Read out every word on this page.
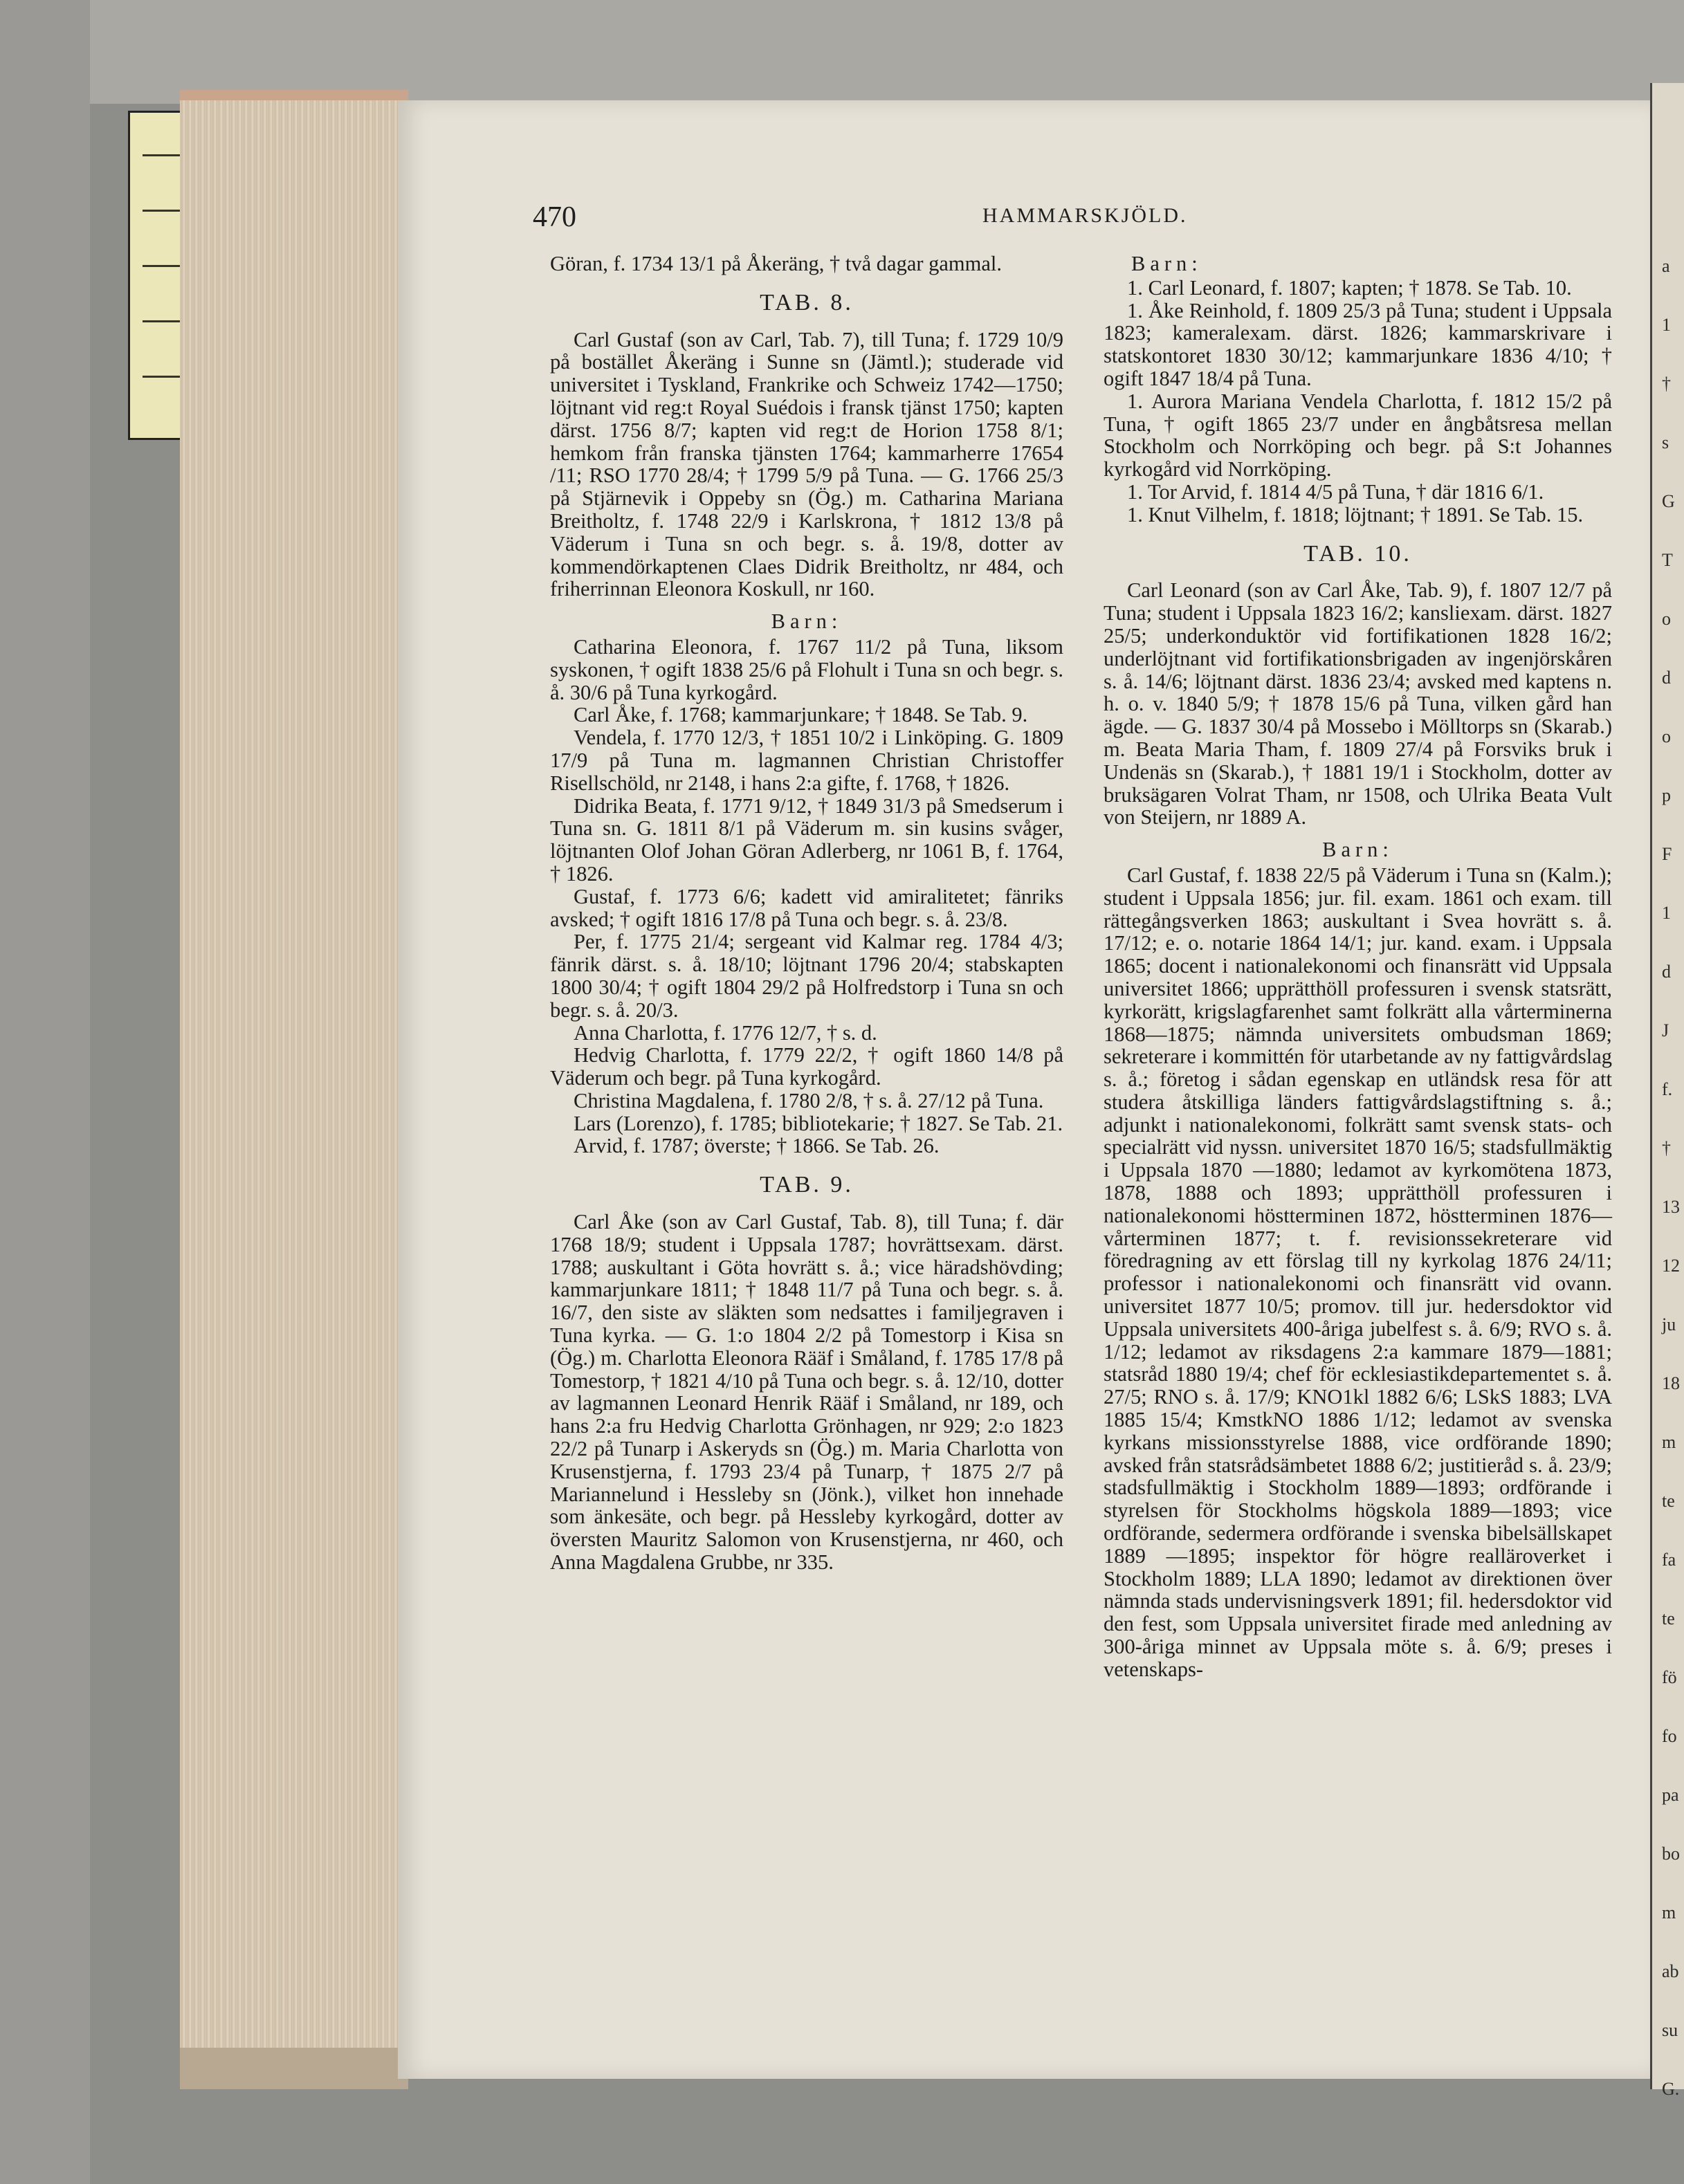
a
1
†
s
G
T
o
d
o
p
F
1
d
J
f.
†
13
12
ju
18
m
te
fa
te
fö
fo
pa
bo
m
ab
su
G.
470	HAMMARSKJÖLD.

Göran, f. 1734 13/1 på Åkeräng, † två dagar gammal.

TAB. 8.

Carl Gustaf (son av Carl, Tab. 7), till Tuna; f. 1729 10/9 på bostället Åkeräng i Sunne sn (Jämtl.); studerade vid universitet i Tyskland, Frankrike och Schweiz 1742—1750; löjtnant vid reg:t Royal Suédois i fransk tjänst 1750; kapten därst. 1756 8/7; kapten vid reg:t de Horion 1758 8/1; hemkom från franska tjänsten 1764; kammarherre 17654 /11; RSO 1770 28/4; † 1799 5/9 på Tuna. — G. 1766 25/3 på Stjärnevik i Oppeby sn (Ög.) m. Catharina Mariana Breitholtz, f. 1748 22/9 i Karlskrona, † 1812 13/8 på Väderum i Tuna sn och begr. s. å. 19/8, dotter av kommendörkaptenen Claes Didrik Breitholtz, nr 484, och friherrinnan Eleonora Koskull, nr 160.

Barn:

Catharina Eleonora, f. 1767 11/2 på Tuna, liksom syskonen, † ogift 1838 25/6 på Flohult i Tuna sn och begr. s. å. 30/6 på Tuna kyrkogård.

Carl Åke, f. 1768; kammarjunkare; † 1848. Se Tab. 9.

Vendela, f. 1770 12/3, † 1851 10/2 i Linköping. G. 1809 17/9 på Tuna m. lagmannen Christian Christoffer Risellschöld, nr 2148, i hans 2:a gifte, f. 1768, † 1826.

Didrika Beata, f. 1771 9/12, † 1849 31/3 på Smedserum i Tuna sn. G. 1811 8/1 på Väderum m. sin kusins svåger, löjtnanten Olof Johan Göran Adlerberg, nr 1061 B, f. 1764, † 1826.

Gustaf, f. 1773 6/6; kadett vid amiralitetet; fänriks avsked; † ogift 1816 17/8 på Tuna och begr. s. å. 23/8.

Per, f. 1775 21/4; sergeant vid Kalmar reg. 1784 4/3; fänrik därst. s. å. 18/10; löjtnant 1796 20/4; stabskapten 1800 30/4; † ogift 1804 29/2 på Holfredstorp i Tuna sn och begr. s. å. 20/3.

Anna Charlotta, f. 1776 12/7, † s. d.

Hedvig Charlotta, f. 1779 22/2, † ogift 1860 14/8 på Väderum och begr. på Tuna kyrkogård.

Christina Magdalena, f. 1780 2/8, † s. å. 27/12 på Tuna.

Lars (Lorenzo), f. 1785; bibliotekarie; † 1827. Se Tab. 21.

Arvid, f. 1787; överste; † 1866. Se Tab. 26.

TAB. 9.

Carl Åke (son av Carl Gustaf, Tab. 8), till Tuna; f. där 1768 18/9; student i Uppsala 1787; hovrättsexam. därst. 1788; auskultant i Göta hovrätt s. å.; vice häradshövding; kammarjunkare 1811; † 1848 11/7 på Tuna och begr. s. å. 16/7, den siste av släkten som nedsattes i familjegraven i Tuna kyrka. — G. 1:o 1804 2/2 på Tomestorp i Kisa sn (Ög.) m. Charlotta Eleonora Rääf i Småland, f. 1785 17/8 på Tomestorp, † 1821 4/10 på Tuna och begr. s. å. 12/10, dotter av lagmannen Leonard Henrik Rääf i Småland, nr 189, och hans 2:a fru Hedvig Charlotta Grönhagen, nr 929; 2:o 1823 22/2 på Tunarp i Askeryds sn (Ög.) m. Maria Charlotta von Krusenstjerna, f. 1793 23/4 på Tunarp, † 1875 2/7 på Mariannelund i Hessleby sn (Jönk.), vilket hon innehade som änkesäte, och begr. på Hessleby kyrkogård, dotter av översten Mauritz Salomon von Krusenstjerna, nr 460, och Anna Magdalena Grubbe, nr 335.

Barn:

1. Carl Leonard, f. 1807; kapten; † 1878. Se Tab. 10.

1. Åke Reinhold, f. 1809 25/3 på Tuna; student i Uppsala 1823; kameralexam. därst. 1826; kammarskrivare i statskontoret 1830 30/12; kammarjunkare 1836 4/10; † ogift 1847 18/4 på Tuna.

1. Aurora Mariana Vendela Charlotta, f. 1812 15/2 på Tuna, † ogift 1865 23/7 under en ångbåtsresa mellan Stockholm och Norrköping och begr. på S:t Johannes kyrkogård vid Norrköping.

1. Tor Arvid, f. 1814 4/5 på Tuna, † där 1816 6/1.

1. Knut Vilhelm, f. 1818; löjtnant; † 1891. Se Tab. 15.

TAB. 10.

Carl Leonard (son av Carl Åke, Tab. 9), f. 1807 12/7 på Tuna; student i Uppsala 1823 16/2; kansliexam. därst. 1827 25/5; underkonduktör vid fortifikationen 1828 16/2; underlöjtnant vid fortifikationsbrigaden av ingenjörskåren s. å. 14/6; löjtnant därst. 1836 23/4; avsked med kaptens n. h. o. v. 1840 5/9; † 1878 15/6 på Tuna, vilken gård han ägde. — G. 1837 30/4 på Mossebo i Mölltorps sn (Skarab.) m. Beata Maria Tham, f. 1809 27/4 på Forsviks bruk i Undenäs sn (Skarab.), † 1881 19/1 i Stockholm, dotter av bruksägaren Volrat Tham, nr 1508, och Ulrika Beata Vult von Steijern, nr 1889 A.

Barn:

Carl Gustaf, f. 1838 22/5 på Väderum i Tuna sn (Kalm.); student i Uppsala 1856; jur. fil. exam. 1861 och exam. till rättegångsverken 1863; auskultant i Svea hovrätt s. å. 17/12; e. o. notarie 1864 14/1; jur. kand. exam. i Uppsala 1865; docent i nationalekonomi och finansrätt vid Uppsala universitet 1866; upprätthöll professuren i svensk statsrätt, kyrkorätt, krigslagfarenhet samt folkrätt alla vårterminerna 1868—1875; nämnda universitets ombudsman 1869; sekreterare i kommittén för utarbetande av ny fattigvårdslag s. å.; företog i sådan egenskap en utländsk resa för att studera åtskilliga länders fattigvårdslagstiftning s. å.; adjunkt i nationalekonomi, folkrätt samt svensk stats- och specialrätt vid nyssn. universitet 1870 16/5; stadsfullmäktig i Uppsala 1870 —1880; ledamot av kyrkomötena 1873, 1878, 1888 och 1893; upprätthöll professuren i nationalekonomi höstterminen 1872, höstterminen 1876—vårterminen 1877; t. f. revisionssekreterare vid föredragning av ett förslag till ny kyrkolag 1876 24/11; professor i nationalekonomi och finansrätt vid ovann. universitet 1877 10/5; promov. till jur. hedersdoktor vid Uppsala universitets 400-åriga jubelfest s. å. 6/9; RVO s. å. 1/12; ledamot av riksdagens 2:a kammare 1879—1881; statsråd 1880 19/4; chef för ecklesiastikdepartementet s. å. 27/5; RNO s. å. 17/9; KNO1kl 1882 6/6; LSkS 1883; LVA 1885 15/4; KmstkNO 1886 1/12; ledamot av svenska kyrkans missionsstyrelse 1888, vice ordförande 1890; avsked från statsrådsämbetet 1888 6/2; justitieråd s. å. 23/9; stadsfullmäktig i Stockholm 1889—1893; ordförande i styrelsen för Stockholms högskola 1889—1893; vice ordförande, sedermera ordförande i svenska bibelsällskapet 1889 —1895; inspektor för högre realläroverket i Stockholm 1889; LLA 1890; ledamot av direktionen över nämnda stads undervisningsverk 1891; fil. hedersdoktor vid den fest, som Uppsala universitet firade med anledning av 300-åriga minnet av Uppsala möte s. å. 6/9; preses i vetenskaps-
